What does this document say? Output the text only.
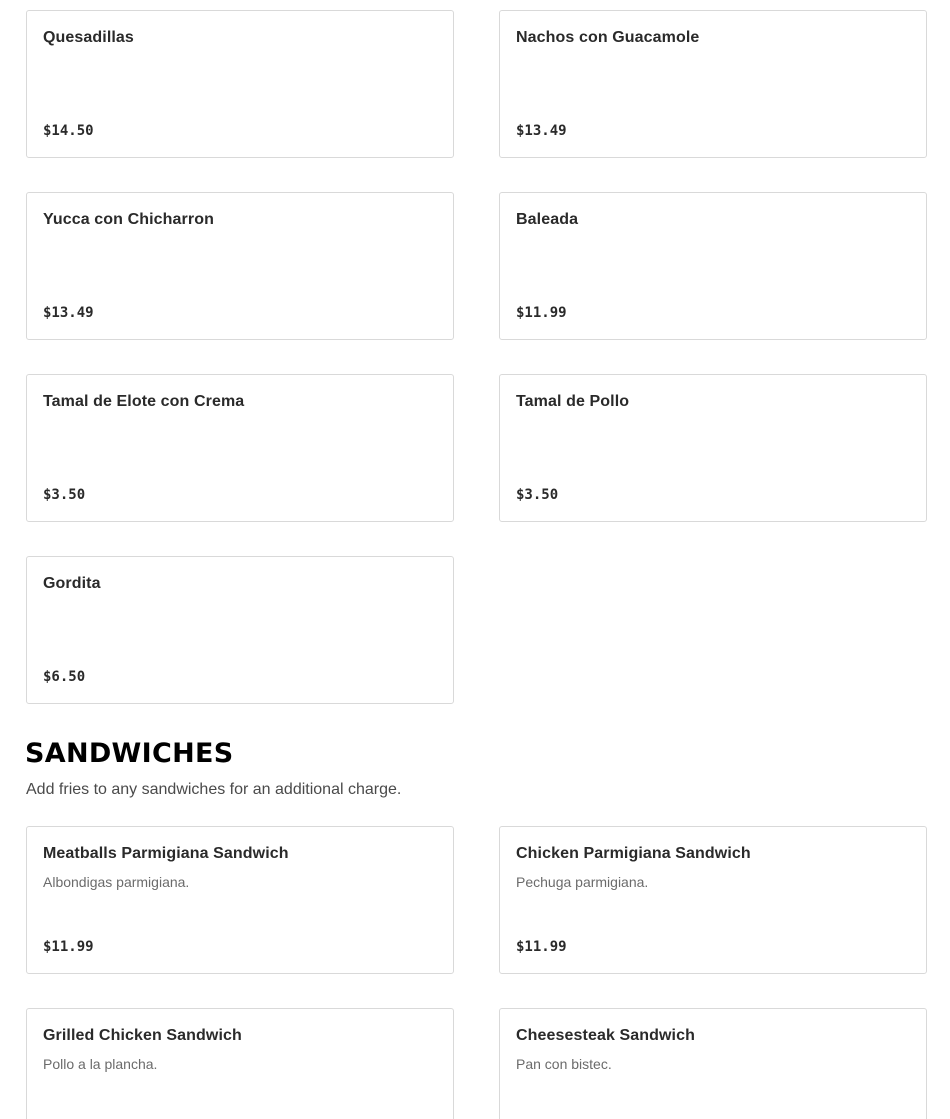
Quesadillas
$14.50
Nachos con Guacamole
$13.49
Yucca con Chicharron
$13.49
Baleada
$11.99
Tamal de Elote con Crema
$3.50
Tamal de Pollo
$3.50
Gordita
$6.50
SANDWICHES

Add fries to any sandwiches for an additional charge.

Meatballs Parmigiana Sandwich
Albondigas parmigiana.
$11.99
Chicken Parmigiana Sandwich
Pechuga parmigiana.
$11.99
Grilled Chicken Sandwich
Pollo a la plancha.
Cheesesteak Sandwich
Pan con bistec.
